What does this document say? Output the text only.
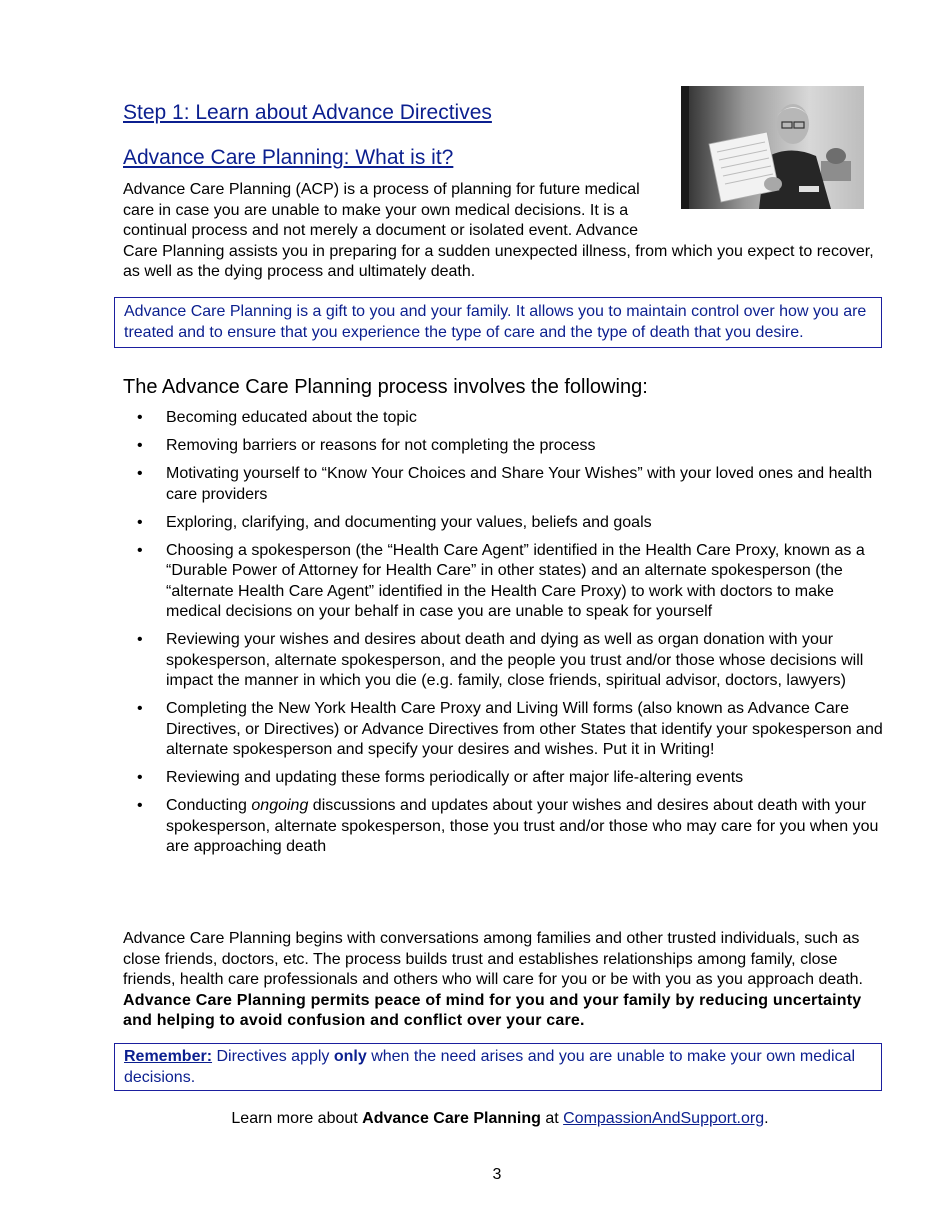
Step 1: Learn about Advance Directives
Advance Care Planning: What is it?

Advance Care Planning (ACP) is a process of planning for future medical care in case you are unable to make your own medical decisions. It is a continual process and not merely a document or isolated event. Advance Care Planning assists you in preparing for a sudden unexpected illness, from which you expect to recover, as well as the dying process and ultimately death.

Advance Care Planning is a gift to you and your family. It allows you to maintain control over how you are treated and to ensure that you experience the type of care and the type of death that you desire.
The Advance Care Planning process involves the following:
• Becoming educated about the topic
• Removing barriers or reasons for not completing the process
• Motivating yourself to “Know Your Choices and Share Your Wishes” with your loved ones and health care providers
• Exploring, clarifying, and documenting your values, beliefs and goals
• Choosing a spokesperson (the “Health Care Agent” identified in the Health Care Proxy, known as a “Durable Power of Attorney for Health Care” in other states) and an alternate spokesperson (the “alternate Health Care Agent” identified in the Health Care Proxy) to work with doctors to make medical decisions on your behalf in case you are unable to speak for yourself
• Reviewing your wishes and desires about death and dying as well as organ donation with your spokesperson, alternate spokesperson, and the people you trust and/or those whose decisions will impact the manner in which you die (e.g. family, close friends, spiritual advisor, doctors, lawyers)
• Completing the New York Health Care Proxy and Living Will forms (also known as Advance Care Directives, or Directives) or Advance Directives from other States that identify your spokesperson and alternate spokesperson and specify your desires and wishes. Put it in Writing!
• Reviewing and updating these forms periodically or after major life-altering events
• Conducting ongoing discussions and updates about your wishes and desires about death with your spokesperson, alternate spokesperson, those you trust and/or those who may care for you when you are approaching death

Advance Care Planning begins with conversations among families and other trusted individuals, such as close friends, doctors, etc. The process builds trust and establishes relationships among family, close friends, health care professionals and others who will care for you or be with you as you approach death. Advance Care Planning permits peace of mind for you and your family by reducing uncertainty and helping to avoid confusion and conflict over your care.

Remember: Directives apply only when the need arises and you are unable to make your own medical decisions.
Learn more about Advance Care Planning at CompassionAndSupport.org.
3
